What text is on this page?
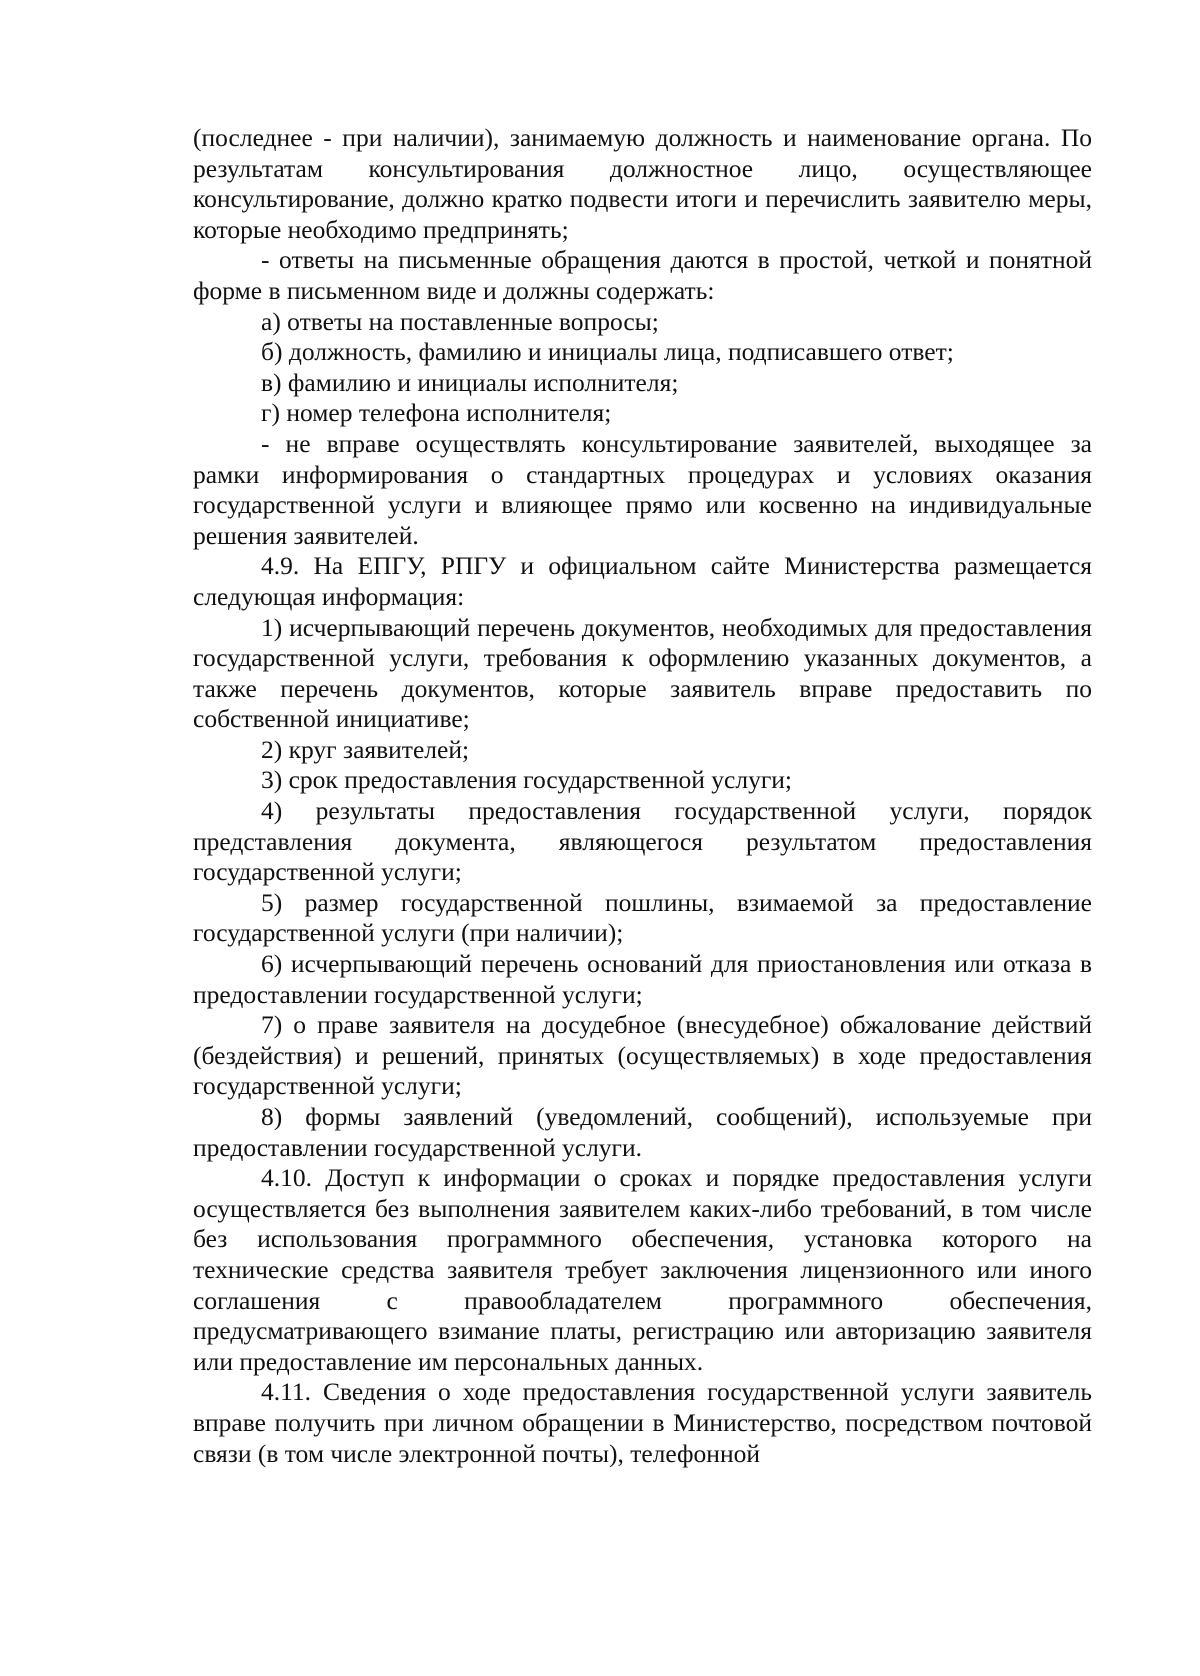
(последнее - при наличии), занимаемую должность и наименование органа. По результатам консультирования должностное лицо, осуществляющее консультирование, должно кратко подвести итоги и перечислить заявителю меры, которые необходимо предпринять;

- ответы на письменные обращения даются в простой, четкой и понятной форме в письменном виде и должны содержать:

а) ответы на поставленные вопросы;

б) должность, фамилию и инициалы лица, подписавшего ответ;

в) фамилию и инициалы исполнителя;

г) номер телефона исполнителя;

- не вправе осуществлять консультирование заявителей, выходящее за рамки информирования о стандартных процедурах и условиях оказания государственной услуги и влияющее прямо или косвенно на индивидуальные решения заявителей.

4.9. На ЕПГУ, РПГУ и официальном сайте Министерства размещается следующая информация:

1) исчерпывающий перечень документов, необходимых для предоставления государственной услуги, требования к оформлению указанных документов, а также перечень документов, которые заявитель вправе предоставить по собственной инициативе;

2) круг заявителей;

3) срок предоставления государственной услуги;

4) результаты предоставления государственной услуги, порядок представления документа, являющегося результатом предоставления государственной услуги;

5) размер государственной пошлины, взимаемой за предоставление государственной услуги (при наличии);

6) исчерпывающий перечень оснований для приостановления или отказа в предоставлении государственной услуги;

7) о праве заявителя на досудебное (внесудебное) обжалование действий (бездействия) и решений, принятых (осуществляемых) в ходе предоставления государственной услуги;

8) формы заявлений (уведомлений, сообщений), используемые при предоставлении государственной услуги.

4.10. Доступ к информации о сроках и порядке предоставления услуги осуществляется без выполнения заявителем каких-либо требований, в том числе без использования программного обеспечения, установка которого на технические средства заявителя требует заключения лицензионного или иного соглашения с правообладателем программного обеспечения, предусматривающего взимание платы, регистрацию или авторизацию заявителя или предоставление им персональных данных.

4.11. Сведения о ходе предоставления государственной услуги заявитель вправе получить при личном обращении в Министерство, посредством почтовой связи (в том числе электронной почты), телефонной
